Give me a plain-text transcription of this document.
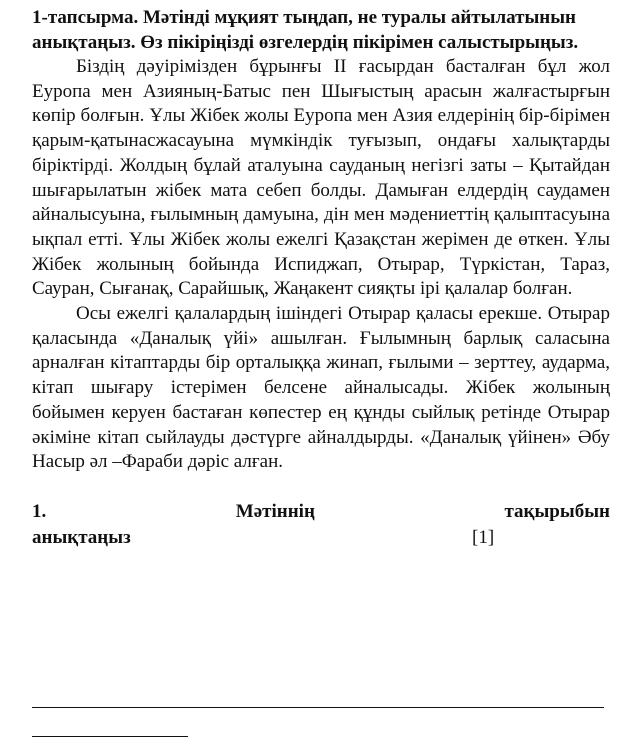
1-тапсырма. Мәтінді мұқият тыңдап, не туралы айтылатынын анықтаңыз. Өз пікіріңізді өзгелердің пікірімен салыстырыңыз.

Біздің дәуірімізден бұрынғы ІІ ғасырдан басталған бұл жол Еуропа мен Азияның-Батыс пен Шығыстың арасын жалғастырғын көпір болғын. Ұлы Жібек жолы Еуропа мен Азия елдерінің бір-бірімен қарым-қатынасжасауына мүмкіндік туғызып, ондағы халықтарды біріктірді. Жолдың бұлай аталуына сауданың негізгі заты – Қытайдан шығарылатын жібек мата себеп болды. Дамыған елдердің саудамен айналысуына, ғылымның дамуына, дін мен мәдениеттің қалыптасуына ықпал етті. Ұлы Жібек жолы ежелгі Қазақстан жерімен де өткен. Ұлы Жібек жолының бойында Испиджап, Отырар, Түркістан, Тараз, Сауран, Сығанақ, Сарайшық, Жаңакент сияқты ірі қалалар болған.

Осы ежелгі қалалардың ішіндегі Отырар қаласы ерекше. Отырар қаласында «Даналық үйі» ашылған. Ғылымның барлық саласына арналған кітаптарды бір орталыққа жинап, ғылыми – зерттеу, аударма, кітап шығару істерімен белсене айналысады. Жібек жолының бойымен керуен бастаған көпестер ең құнды сыйлық ретінде Отырар әкіміне кітап сыйлауды дәстүрге айналдырды. «Даналық үйінен» Әбу Насыр әл –Фараби дәріс алған.

1.	Мәтіннің	тақырыбын
анықтаңыз	[1]
